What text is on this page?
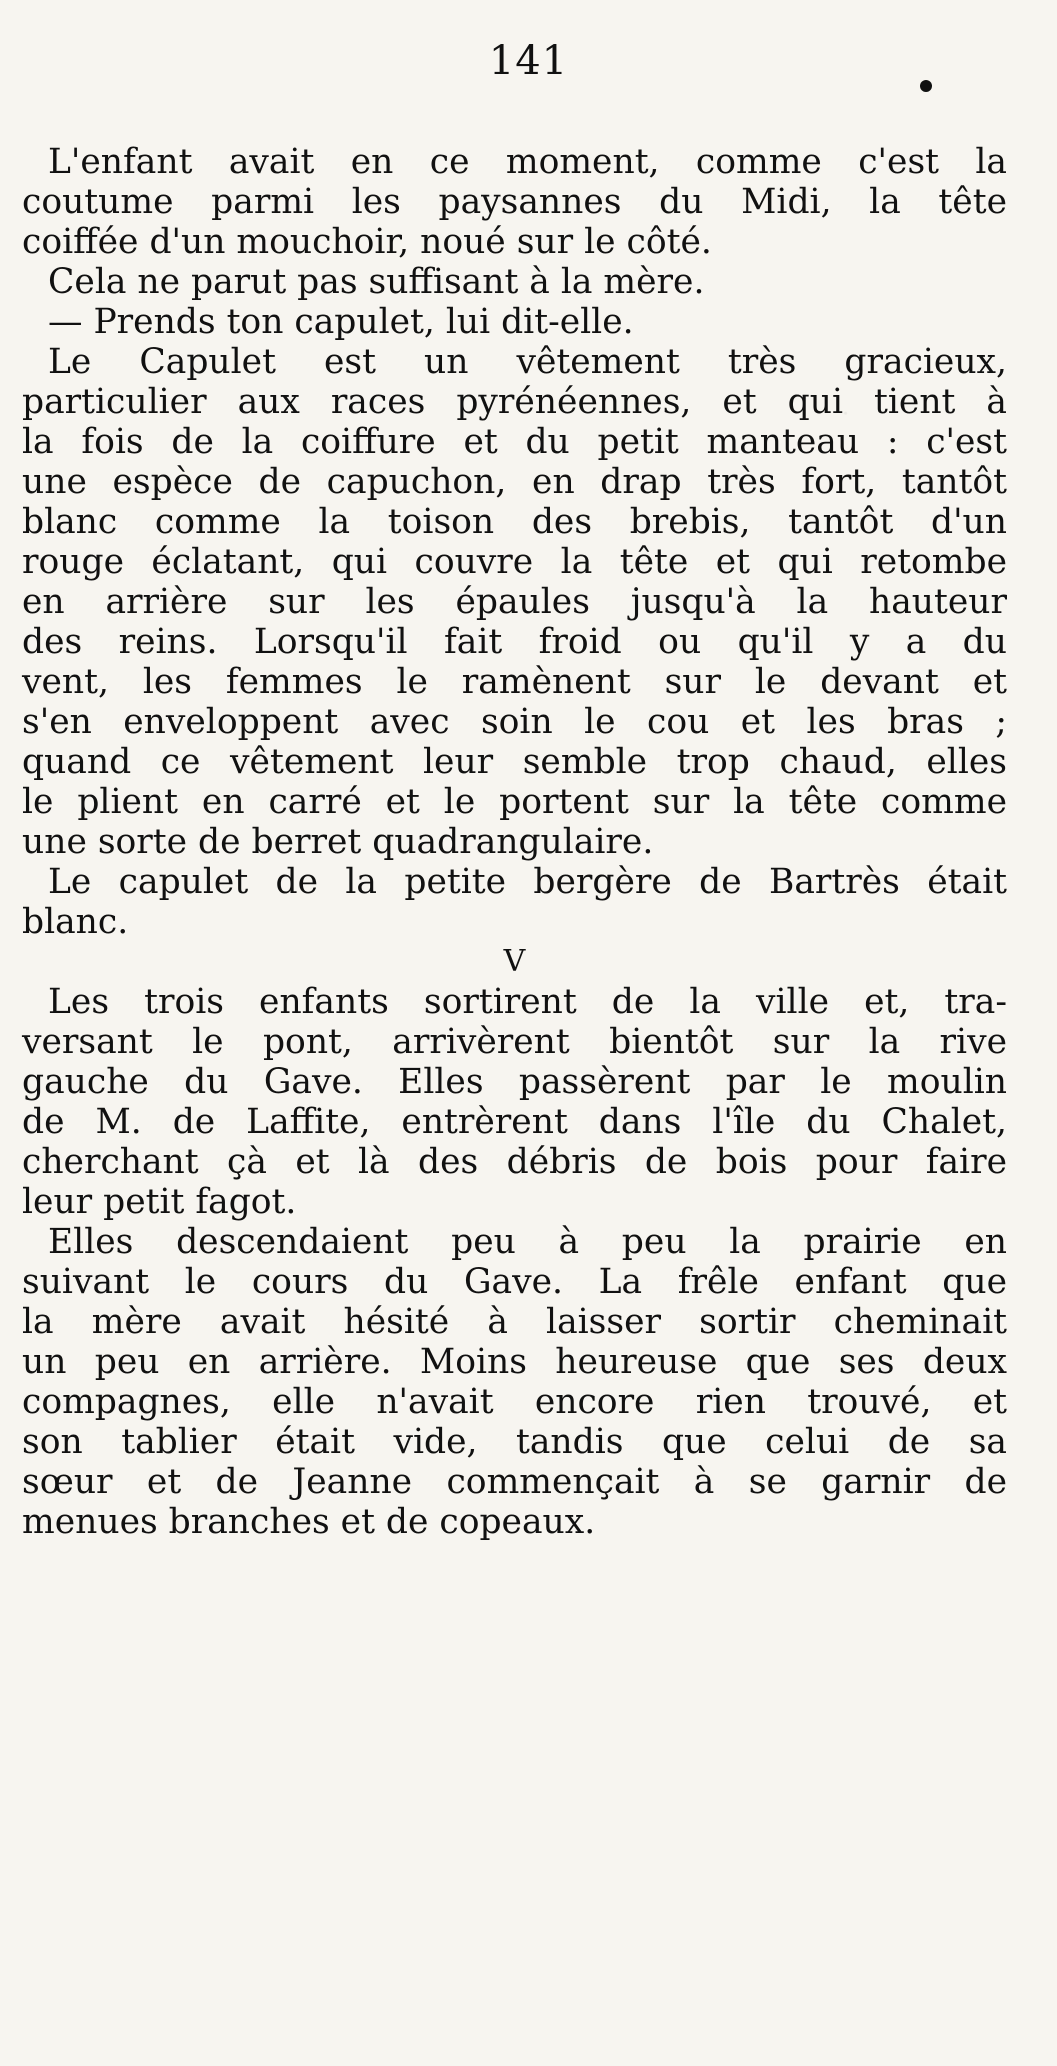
141
L'enfant avait en ce moment, comme c'est la
coutume parmi les paysannes du Midi, la tête
coiffée d'un mouchoir, noué sur le côté.
Cela ne parut pas suffisant à la mère.
— Prends ton capulet, lui dit-elle.
Le Capulet est un vêtement très gracieux,
particulier aux races pyrénéennes, et qui tient à
la fois de la coiffure et du petit manteau : c'est
une espèce de capuchon, en drap très fort, tantôt
blanc comme la toison des brebis, tantôt d'un
rouge éclatant, qui couvre la tête et qui retombe
en arrière sur les épaules jusqu'à la hauteur
des reins. Lorsqu'il fait froid ou qu'il y a du
vent, les femmes le ramènent sur le devant et
s'en enveloppent avec soin le cou et les bras ;
quand ce vêtement leur semble trop chaud, elles
le plient en carré et le portent sur la tête comme
une sorte de berret quadrangulaire.
Le capulet de la petite bergère de Bartrès était
blanc.
V
Les trois enfants sortirent de la ville et, tra-
versant le pont, arrivèrent bientôt sur la rive
gauche du Gave. Elles passèrent par le moulin
de M. de Laffite, entrèrent dans l'île du Chalet,
cherchant çà et là des débris de bois pour faire
leur petit fagot.
Elles descendaient peu à peu la prairie en
suivant le cours du Gave. La frêle enfant que
la mère avait hésité à laisser sortir cheminait
un peu en arrière. Moins heureuse que ses deux
compagnes, elle n'avait encore rien trouvé, et
son tablier était vide, tandis que celui de sa
sœur et de Jeanne commençait à se garnir de
menues branches et de copeaux.
